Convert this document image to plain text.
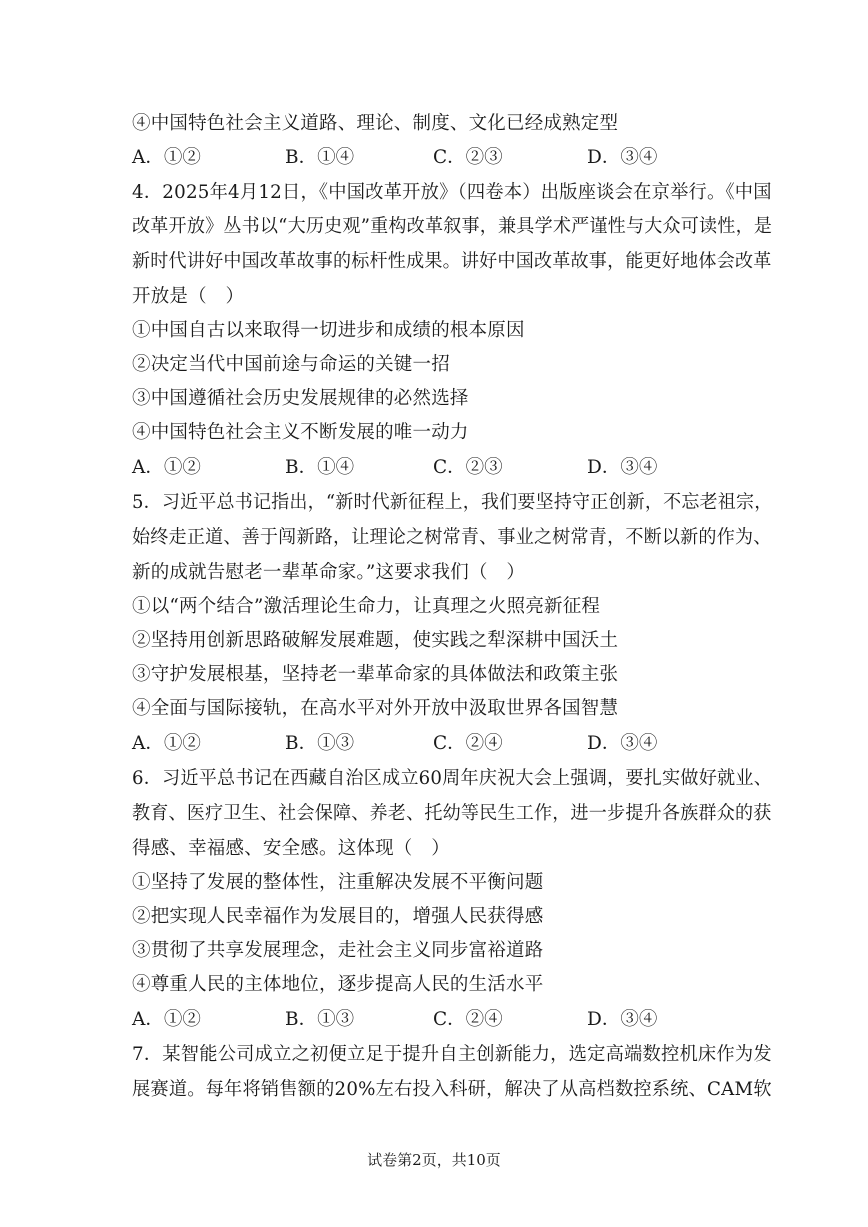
④中国特色社会主义道路、理论、制度、文化已经成熟定型
A．①②	B．①④	C．②③	D．③④
4．2025年4月12日，《中国改革开放》（四卷本）出版座谈会在京举行。《中国
改革开放》丛书以“大历史观”重构改革叙事，兼具学术严谨性与大众可读性，是
新时代讲好中国改革故事的标杆性成果。讲好中国改革故事，能更好地体会改革
开放是（　）
①中国自古以来取得一切进步和成绩的根本原因
②决定当代中国前途与命运的关键一招
③中国遵循社会历史发展规律的必然选择
④中国特色社会主义不断发展的唯一动力
A．①②	B．①④	C．②③	D．③④
5．习近平总书记指出，“新时代新征程上，我们要坚持守正创新，不忘老祖宗，
始终走正道、善于闯新路，让理论之树常青、事业之树常青，不断以新的作为、
新的成就告慰老一辈革命家。”这要求我们（　）
①以“两个结合”激活理论生命力，让真理之火照亮新征程
②坚持用创新思路破解发展难题，使实践之犁深耕中国沃土
③守护发展根基，坚持老一辈革命家的具体做法和政策主张
④全面与国际接轨，在高水平对外开放中汲取世界各国智慧
A．①②	B．①③	C．②④	D．③④
6．习近平总书记在西藏自治区成立60周年庆祝大会上强调，要扎实做好就业、
教育、医疗卫生、社会保障、养老、托幼等民生工作，进一步提升各族群众的获
得感、幸福感、安全感。这体现（　）
①坚持了发展的整体性，注重解决发展不平衡问题
②把实现人民幸福作为发展目的，增强人民获得感
③贯彻了共享发展理念，走社会主义同步富裕道路
④尊重人民的主体地位，逐步提高人民的生活水平
A．①②	B．①③	C．②④	D．③④
7．某智能公司成立之初便立足于提升自主创新能力，选定高端数控机床作为发
展赛道。每年将销售额的20%左右投入科研，解决了从高档数控系统、CAM软
试卷第2页，共10页
